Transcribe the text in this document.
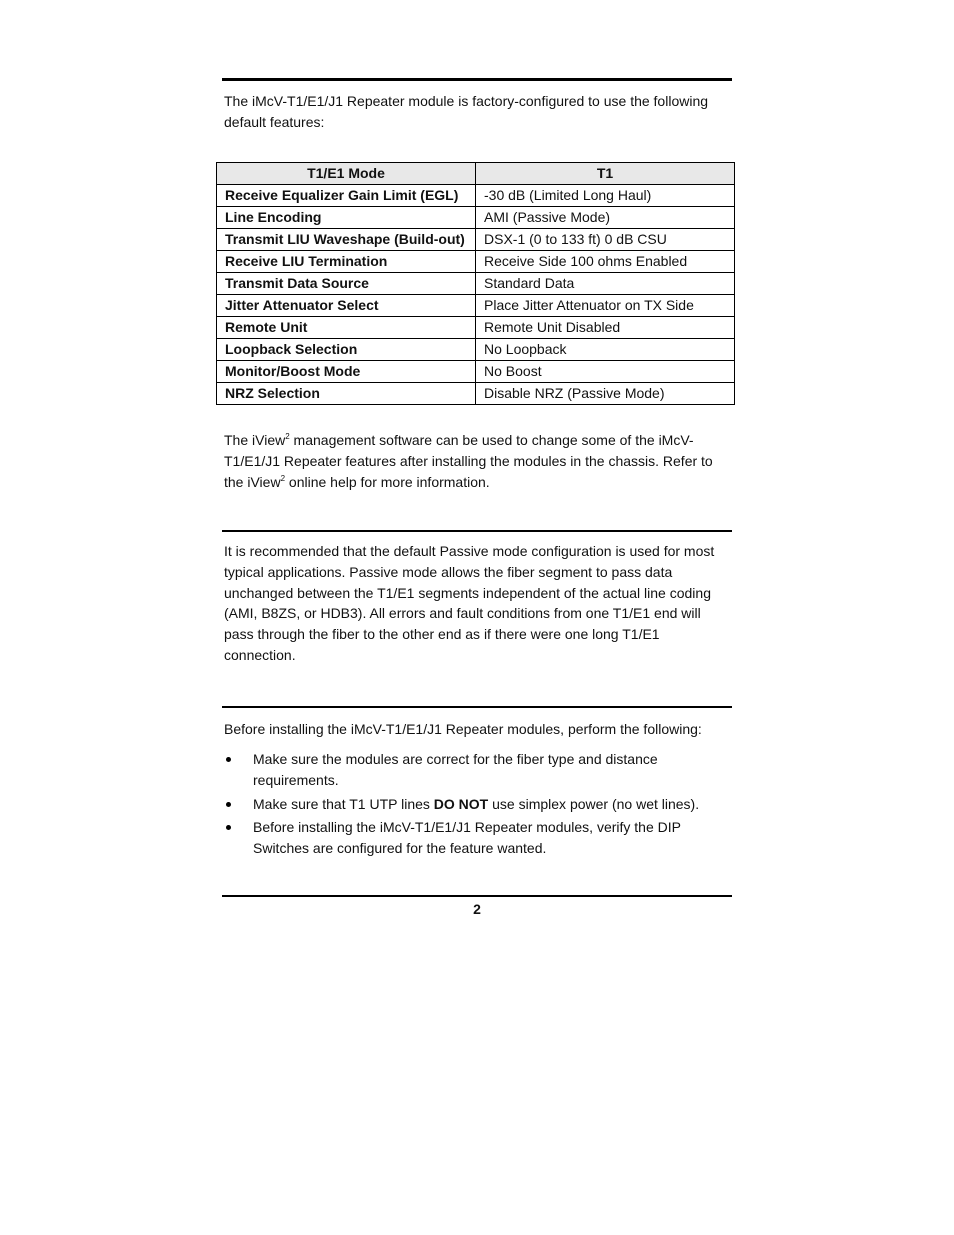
The iMcV-T1/E1/J1 Repeater module is factory-configured to use the following default features:
T1/E1 Mode	T1
Receive Equalizer Gain Limit (EGL)	-30 dB (Limited Long Haul)
Line Encoding	AMI (Passive Mode)
Transmit LIU Waveshape (Build-out)	DSX-1 (0 to 133 ft) 0 dB CSU
Receive LIU Termination	Receive Side 100 ohms Enabled
Transmit Data Source	Standard Data
Jitter Attenuator Select	Place Jitter Attenuator on TX Side
Remote Unit	Remote Unit Disabled
Loopback Selection	No Loopback
Monitor/Boost Mode	No Boost
NRZ Selection	Disable NRZ (Passive Mode)
The iView$^2$ management software can be used to change some of the iMcV-T1/E1/J1 Repeater features after installing the modules in the chassis. Refer to the iView$^2$ online help for more information.
It is recommended that the default Passive mode configuration is used for most typical applications. Passive mode allows the fiber segment to pass data unchanged between the T1/E1 segments independent of the actual line coding (AMI, B8ZS, or HDB3). All errors and fault conditions from one T1/E1 end will pass through the fiber to the other end as if there were one long T1/E1 connection.
Before installing the iMcV-T1/E1/J1 Repeater modules, perform the following:
Make sure the modules are correct for the fiber type and distance requirements.
Make sure that T1 UTP lines DO NOT use simplex power (no wet lines).
Before installing the iMcV-T1/E1/J1 Repeater modules, verify the DIP Switches are configured for the feature wanted.
2
